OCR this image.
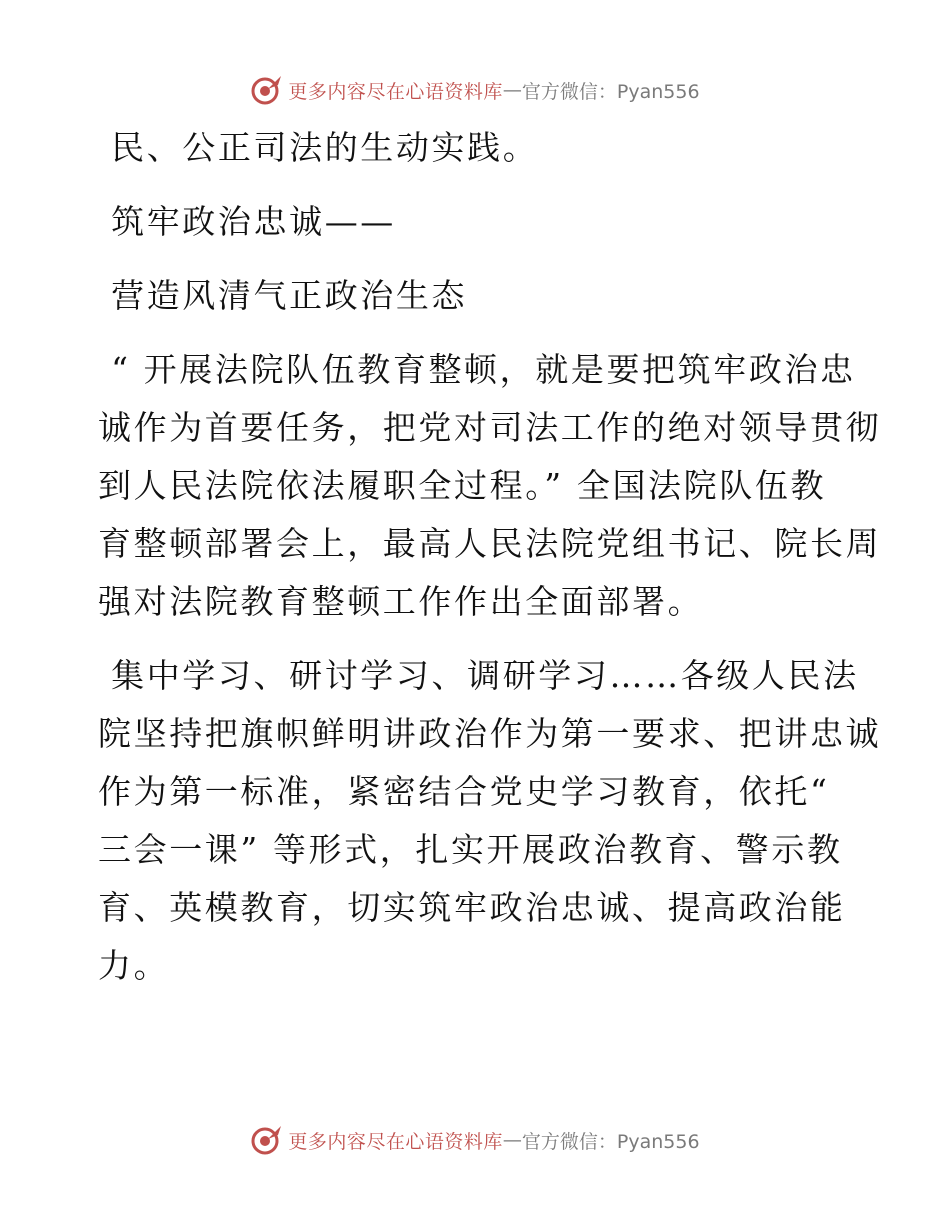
更多内容尽在心语资料库 — 官方微信：Pyan556
民、公正司法的生动实践。
筑牢政治忠诚——
营造风清气正政治生态
“ 开展法院队伍教育整顿，就是要把筑牢政治忠
诚作为首要任务，把党对司法工作的绝对领导贯彻
到人民法院依法履职全过程。” 全国法院队伍教
育整顿部署会上，最高人民法院党组书记、院长周
强对法院教育整顿工作作出全面部署。
集中学习、研讨学习、调研学习……各级人民法
院坚持把旗帜鲜明讲政治作为第一要求、把讲忠诚
作为第一标准，紧密结合党史学习教育，依托“
三会一课” 等形式，扎实开展政治教育、警示教
育、英模教育，切实筑牢政治忠诚、提高政治能
力。
更多内容尽在心语资料库 — 官方微信：Pyan556
